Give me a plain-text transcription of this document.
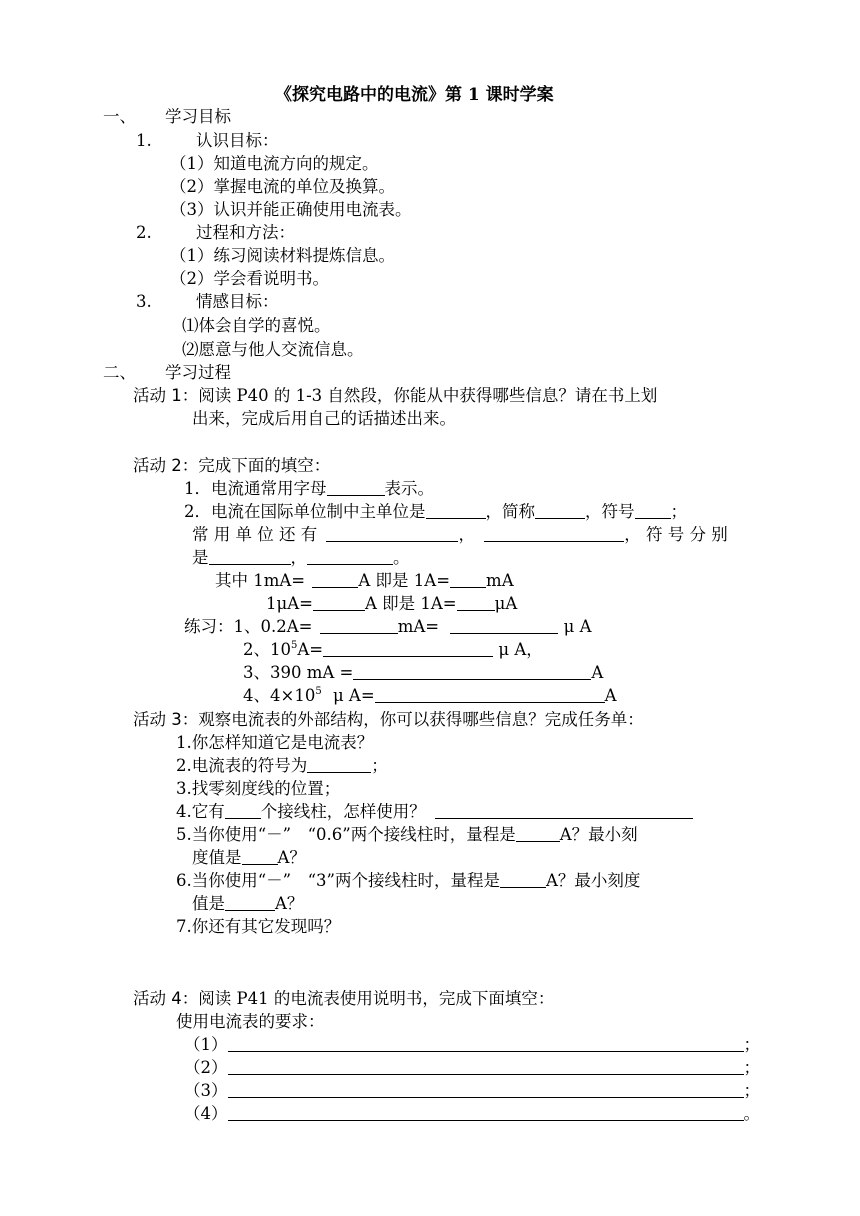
《探究电路中的电流》第 1 课时学案
一、 学习目标
1.	认识目标：
（1）知道电流方向的规定。
（2）掌握电流的单位及换算。
（3）认识并能正确使用电流表。
2.	过程和方法：
（1）练习阅读材料提炼信息。
（2）学会看说明书。
3.	情感目标：
⑴体会自学的喜悦。
⑵愿意与他人交流信息。
二、 学习过程
活动 1：阅读 P40 的 1-3 自然段，你能从中获得哪些信息？请在书上划
出来，完成后用自己的话描述出来。
活动 2：完成下面的填空：
1．电流通常用字母	表示。
2．电流在国际单位制中主单位是	，简称	，符号 ；
常 用 单 位 还 有	，	， 符 号 分 别
是	，	。
其中 1mA=	A 即是 1A= mA
1μA=	A 即是 1A= μA
练习：1、0.2A=	mA=	μ A
2、$10^5A=$	μ A，
3、390 mA =	A
4、$4\times 10^5$ μ A=	A
活动 3：观察电流表的外部结构，你可以获得哪些信息？完成任务单：
1.你怎样知道它是电流表？
2.电流表的符号为	；
3.找零刻度线的位置；
4.它有 个接线柱，怎样使用？
5.当你使用“－”　“0.6”两个接线柱时，量程是	A？最小刻
度值是 A？
6.当你使用“－”　“3”两个接线柱时，量程是	A？最小刻度
值是	A？
7.你还有其它发现吗？
活动 4：阅读 P41 的电流表使用说明书，完成下面填空：
使用电流表的要求：
（1）	；
（2）	；
（3）	；
（4）	。
